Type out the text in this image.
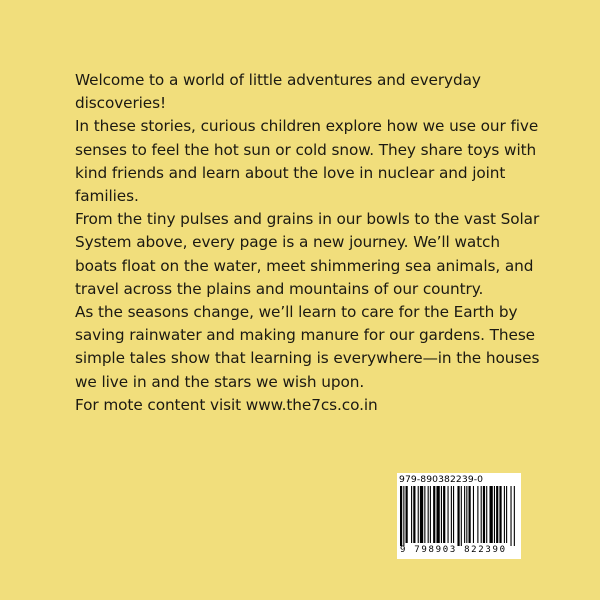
Welcome to a world of little adventures and everyday discoveries!

In these stories, curious children explore how we use our five senses to feel the hot sun or cold snow. They share toys with kind friends and learn about the love in nuclear and joint families.

From the tiny pulses and grains in our bowls to the vast Solar System above, every page is a new journey. We’ll watch boats float on the water, meet shimmering sea animals, and travel across the plains and mountains of our country.

As the seasons change, we’ll learn to care for the Earth by saving rainwater and making manure for our gardens. These simple tales show that learning is everywhere—in the houses we live in and the stars we wish upon.

For mote content visit www.the7cs.co.in

979-890382239-0
9 798903 822390
